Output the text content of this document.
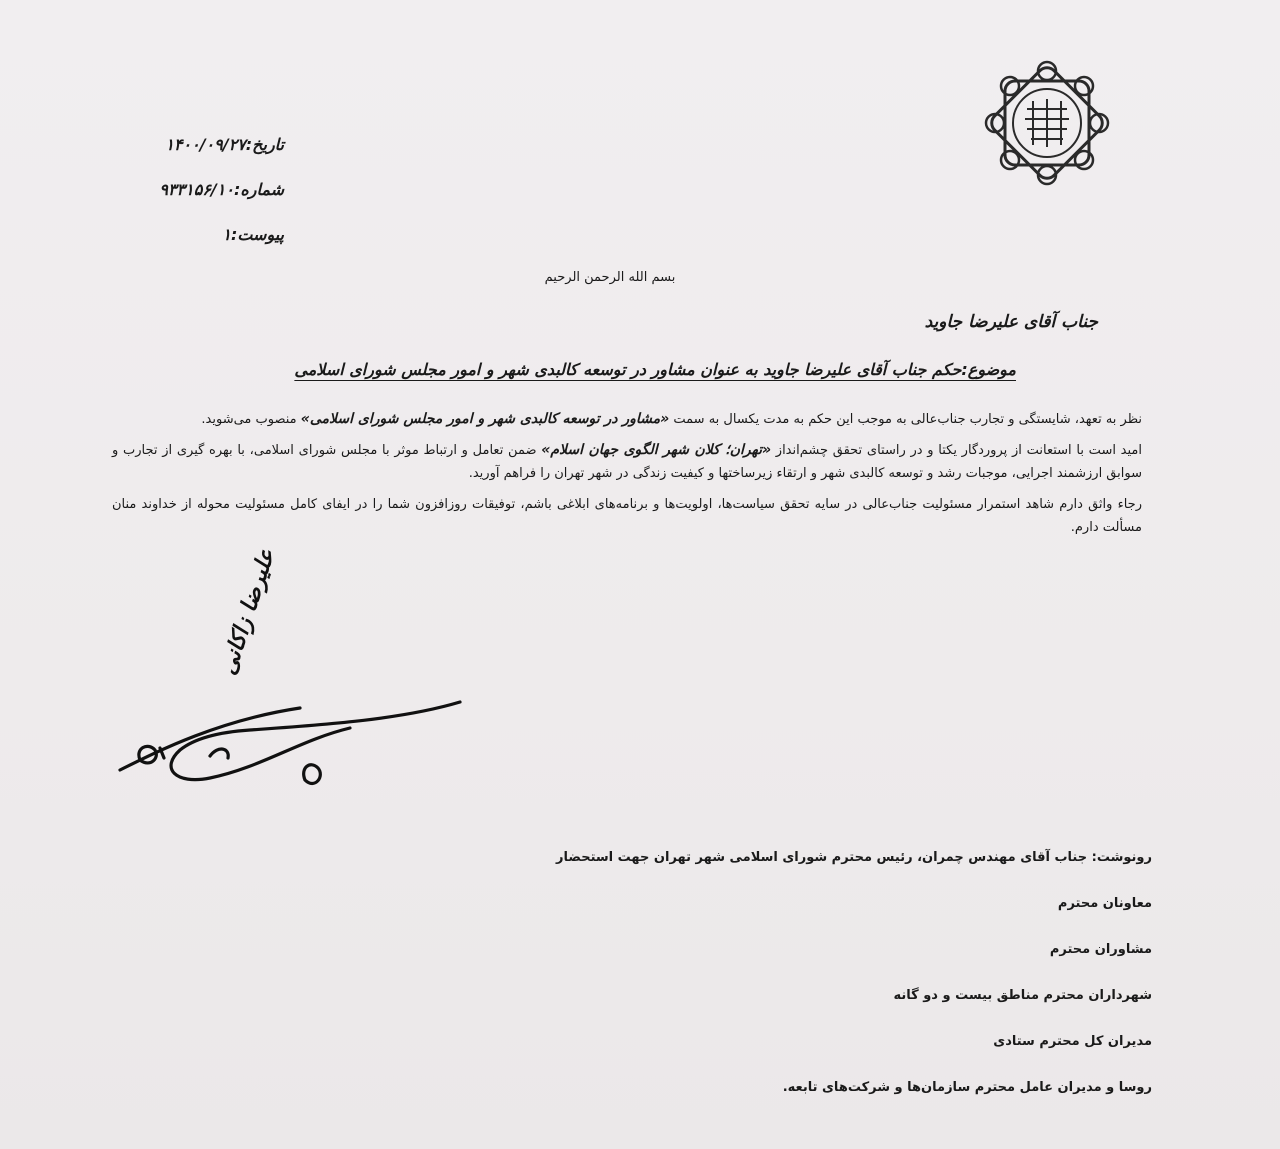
تاریخ:۱۴۰۰/۰۹/۲۷
شماره:۹۳۳۱۵۶/۱۰
پیوست:۱
بسم الله الرحمن الرحیم
جناب آقای علیرضا جاوید
موضوع:حکم جناب آقای علیرضا جاوید به عنوان مشاور در توسعه کالبدی شهر و امور مجلس شورای اسلامی

نظر به تعهد، شایستگی و تجارب جناب‌عالی به موجب این حکم به مدت یکسال به سمت «مشاور در توسعه کالبدی شهر و امور مجلس شورای اسلامی» منصوب می‌شوید.

امید است با استعانت از پروردگار یکتا و در راستای تحقق چشم‌انداز «تهران؛ کلان شهر الگوی جهان اسلام» ضمن تعامل و ارتباط موثر با مجلس شورای اسلامی، با بهره گیری از تجارب و سوابق ارزشمند اجرایی، موجبات رشد و توسعه کالبدی شهر و ارتقاء زیرساختها و کیفیت زندگی در شهر تهران را فراهم آورید.

رجاء واثق دارم شاهد استمرار مسئولیت جناب‌عالی در سایه تحقق سیاست‌ها، اولویت‌ها و برنامه‌های ابلاغی باشم، توفیقات روزافزون شما را در ایفای کامل مسئولیت محوله از خداوند منان مسألت دارم.

علیرضا زاکانی
رونوشت: جناب آقای مهندس چمران، رئیس محترم شورای اسلامی شهر تهران جهت استحضار
معاونان محترم
مشاوران محترم
شهرداران محترم مناطق بیست و دو گانه
مدیران کل محترم ستادی
روسا و مدیران عامل محترم سازمان‌ها و شرکت‌های تابعه.
